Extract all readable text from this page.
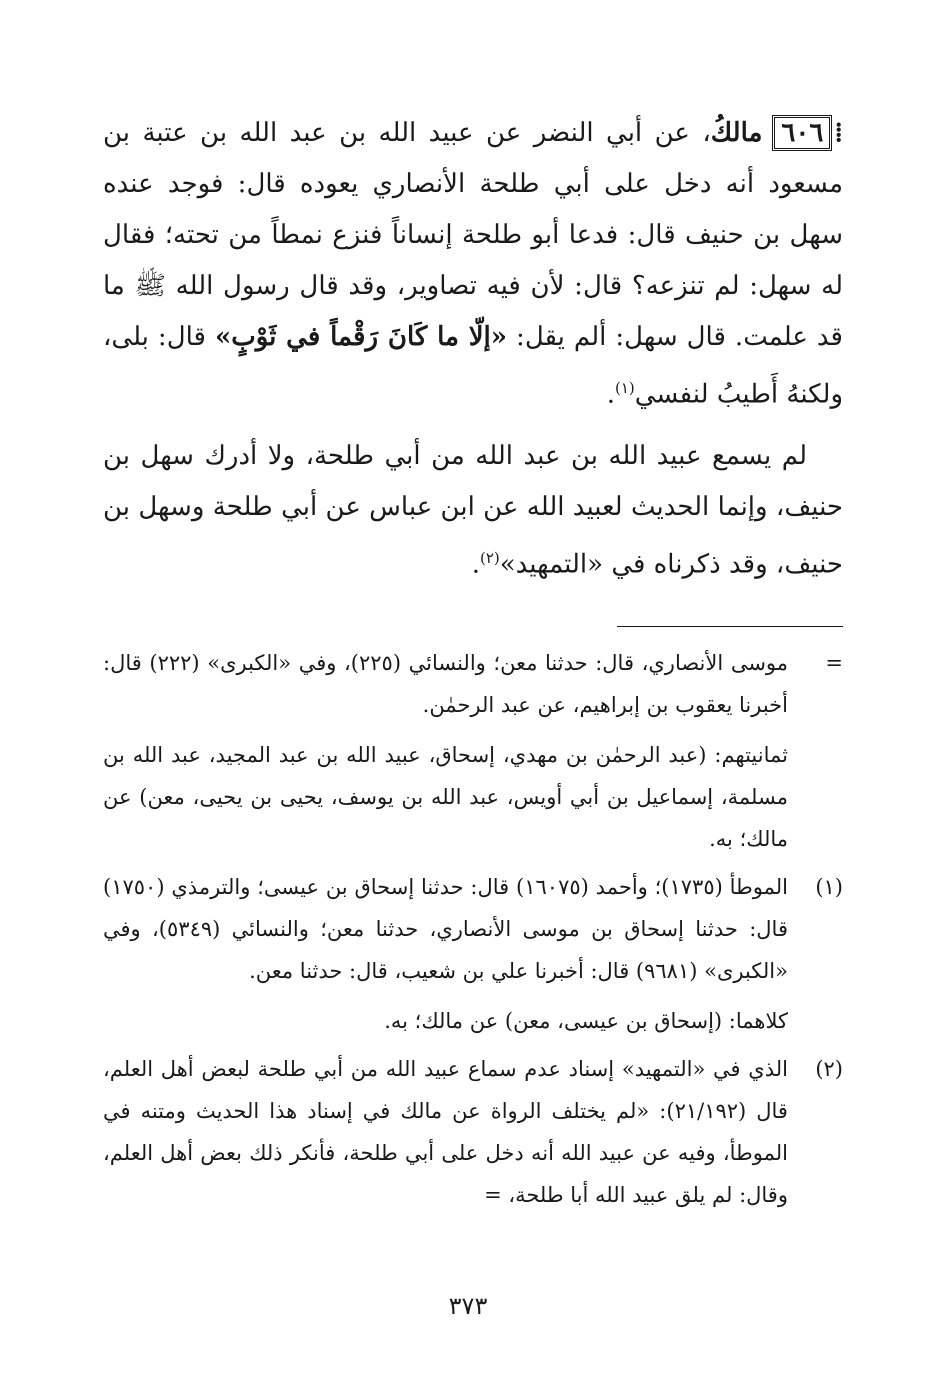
⁞٦٠٦مالكُ، عن أبي النضر عن عبيد الله بن عبد الله بن عتبة بن مسعود أنه دخل على أبي طلحة الأنصاري يعوده قال: فوجد عنده سهل بن حنيف قال: فدعا أبو طلحة إنساناً فنزع نمطاً من تحته؛ فقال له سهل: لم تنزعه؟ قال: لأن فيه تصاوير، وقد قال رسول الله ﷺ ما قد علمت. قال سهل: ألم يقل: «إلّا ما كَانَ رَقْماً في ثَوْبٍ» قال: بلى، ولكنهُ أَطيبُ لنفسي$^{(١)}$.

لم يسمع عبيد الله بن عبد الله من أبي طلحة، ولا أدرك سهل بن حنيف، وإنما الحديث لعبيد الله عن ابن عباس عن أبي طلحة وسهل بن حنيف، وقد ذكرناه في «التمهيد»$^{(٢)}$.

=
موسى الأنصاري، قال: حدثنا معن؛ والنسائي (٢٢٥)، وفي «الكبرى» (٢٢٢) قال: أخبرنا يعقوب بن إبراهيم، عن عبد الرحمٰن.
ثمانيتهم: (عبد الرحمٰن بن مهدي، إسحاق، عبيد الله بن عبد المجيد، عبد الله بن مسلمة، إسماعيل بن أبي أويس، عبد الله بن يوسف، يحيى بن يحيى، معن) عن مالك؛ به.
(١)
الموطأ (١٧٣٥)؛ وأحمد (١٦٠٧٥) قال: حدثنا إسحاق بن عيسى؛ والترمذي (١٧٥٠) قال: حدثنا إسحاق بن موسى الأنصاري، حدثنا معن؛ والنسائي (٥٣٤٩)، وفي «الكبرى» (٩٦٨١) قال: أخبرنا علي بن شعيب، قال: حدثنا معن.
كلاهما: (إسحاق بن عيسى، معن) عن مالك؛ به.
(٢)
الذي في «التمهيد» إسناد عدم سماع عبيد الله من أبي طلحة لبعض أهل العلم، قال (٢١/١٩٢): «لم يختلف الرواة عن مالك في إسناد هذا الحديث ومتنه في الموطأ، وفيه عن عبيد الله أنه دخل على أبي طلحة، فأنكر ذلك بعض أهل العلم، وقال: لم يلق عبيد الله أبا طلحة، =
٣٧٣
